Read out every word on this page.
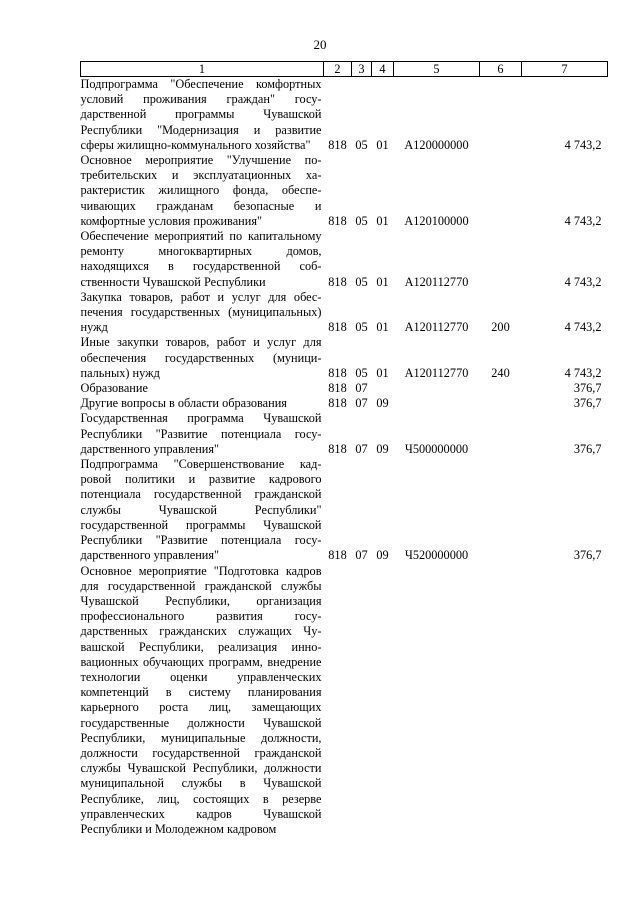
20
1	2	3	4	5	6	7
Подпрограмма "Обеспечение комфортных условий проживания граждан" государственной программы Чувашской Республики "Модернизация и развитие сферы жилищно-коммунального хозяйства"	818	05	01	А120000000		4 743,2
Основное мероприятие "Улучшение потребительских и эксплуатационных характеристик жилищного фонда, обеспечивающих гражданам безопасные и комфортные условия проживания"	818	05	01	А120100000		4 743,2
Обеспечение мероприятий по капитальному ремонту многоквартирных домов, находящихся в государственной собственности Чувашской Республики	818	05	01	А120112770		4 743,2
Закупка товаров, работ и услуг для обеспечения государственных (муниципальных) нужд	818	05	01	А120112770	200	4 743,2
Иные закупки товаров, работ и услуг для обеспечения государственных (муниципальных) нужд	818	05	01	А120112770	240	4 743,2
Образование	818	07				376,7
Другие вопросы в области образования	818	07	09			376,7
Государственная программа Чувашской Республики "Развитие потенциала государственного управления"	818	07	09	Ч500000000		376,7
Подпрограмма "Совершенствование кадровой политики и развитие кадрового потенциала государственной гражданской службы Чувашской Республики" государственной программы Чувашской Республики "Развитие потенциала государственного управления"	818	07	09	Ч520000000		376,7
Основное мероприятие "Подготовка кадров для государственной гражданской службы Чувашской Республики, организация профессионального развития государственных гражданских служащих Чувашской Республики, реализация инновационных обучающих программ, внедрение технологии оценки управленческих компетенций в систему планирования карьерного роста лиц, замещающих государственные должности Чувашской Республики, муниципальные должности, должности государственной гражданской службы Чувашской Республики, должности муниципальной службы в Чувашской Республике, лиц, состоящих в резерве управленческих кадров Чувашской Республики и Молодежном кадровом						
